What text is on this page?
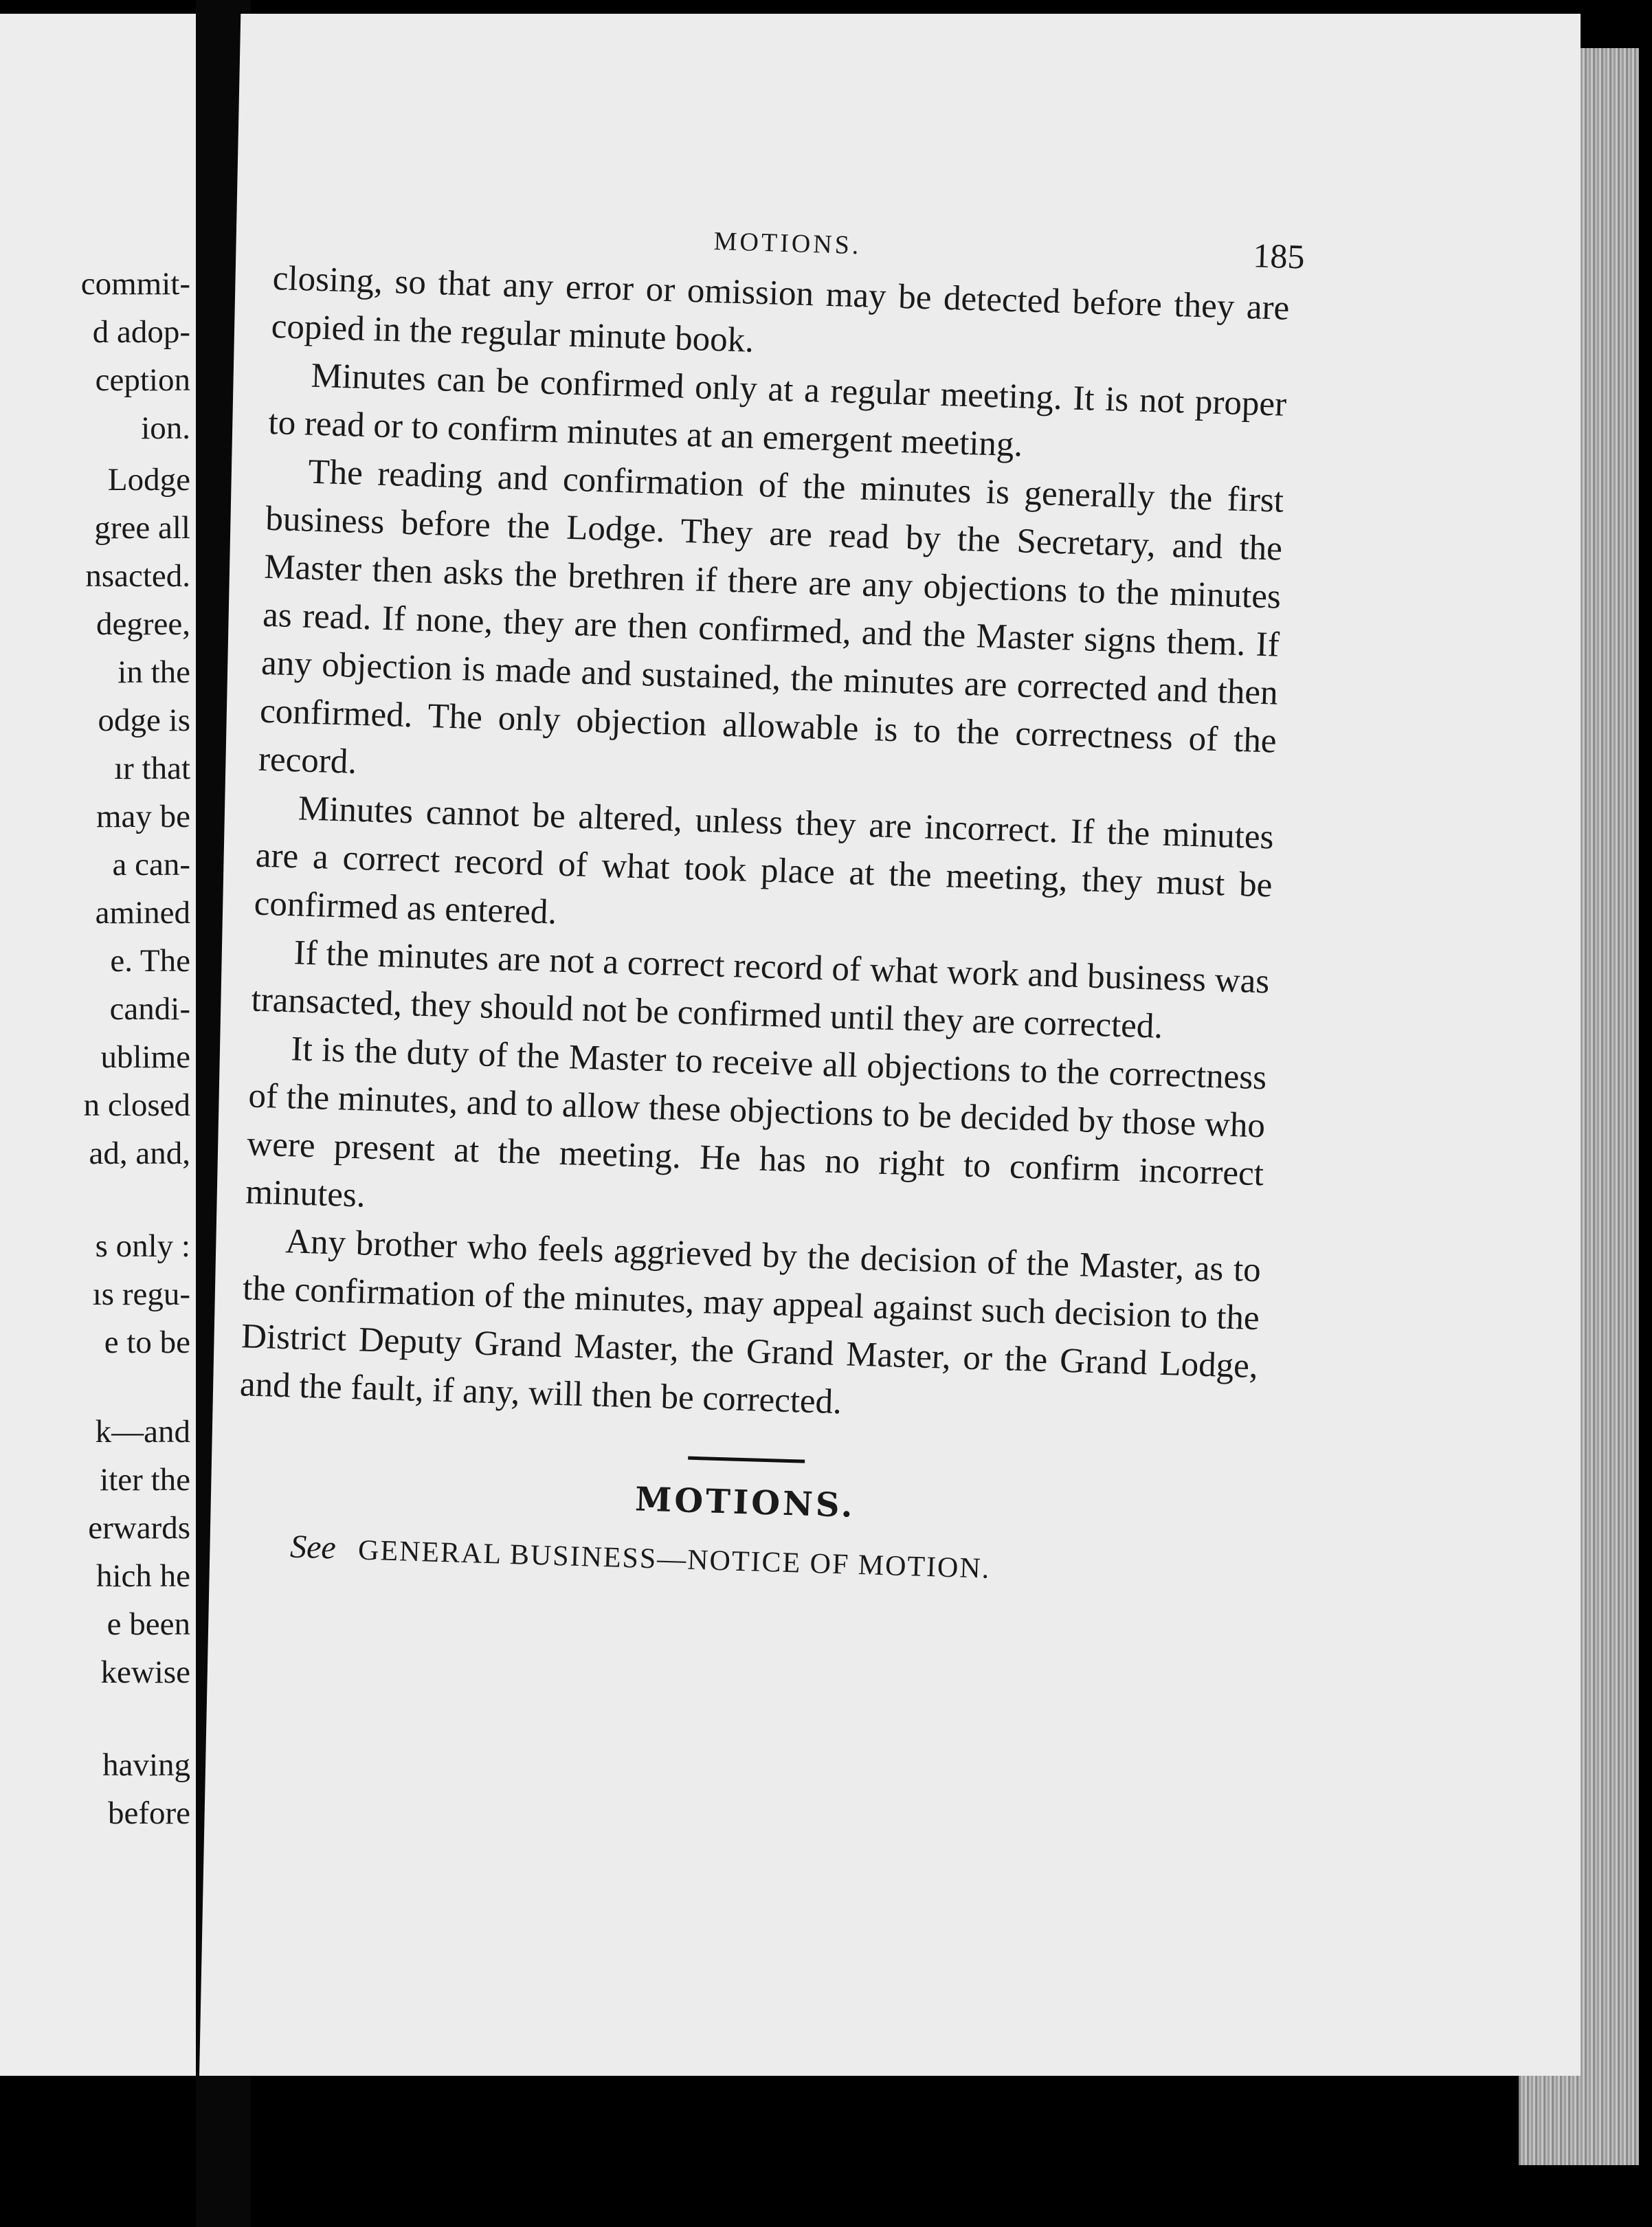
commit-
d adop-
ception
ion.
Lodge
gree all
nsacted.
degree,
in the
odge is
ır that
may be
a can-
amined
e. The
candi-
ublime
n closed
ad, and,
s only :
ıs regu-
e to be
k—and
iter the
erwards
hich he
e been
kewise
having
before
MOTIONS.	185

closing, so that any error or omission may be detected before they are copied in the regular minute book.

Minutes can be confirmed only at a regular meeting. It is not proper to read or to confirm minutes at an emergent meeting.

The reading and confirmation of the minutes is generally the first business before the Lodge. They are read by the Secretary, and the Master then asks the brethren if there are any objections to the minutes as read. If none, they are then confirmed, and the Master signs them. If any objection is made and sustained, the minutes are corrected and then confirmed. The only objection allowable is to the correctness of the record.

Minutes cannot be altered, unless they are incorrect. If the minutes are a correct record of what took place at the meeting, they must be confirmed as entered.

If the minutes are not a correct record of what work and business was transacted, they should not be confirmed until they are corrected.

It is the duty of the Master to receive all objections to the correctness of the minutes, and to allow these objections to be decided by those who were present at the meeting. He has no right to confirm incorrect minutes.

Any brother who feels aggrieved by the decision of the Master, as to the confirmation of the minutes, may appeal against such decision to the District Deputy Grand Master, the Grand Master, or the Grand Lodge, and the fault, if any, will then be corrected.

MOTIONS.
See GENERAL BUSINESS—NOTICE OF MOTION.
